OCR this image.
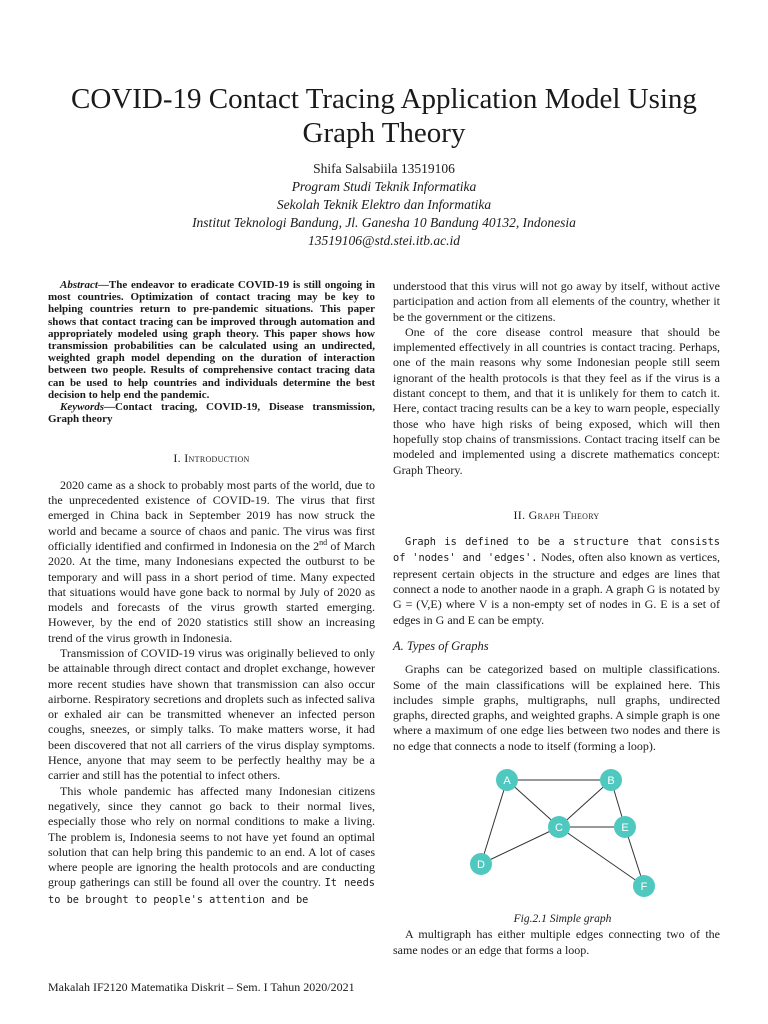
COVID-19 Contact Tracing Application Model Using Graph Theory
Shifa Salsabiila 13519106
Program Studi Teknik Informatika
Sekolah Teknik Elektro dan Informatika
Institut Teknologi Bandung, Jl. Ganesha 10 Bandung 40132, Indonesia
13519106@std.stei.itb.ac.id

Abstract—The endeavor to eradicate COVID-19 is still ongoing in most countries. Optimization of contact tracing may be key to helping countries return to pre-pandemic situations. This paper shows that contact tracing can be improved through automation and appropriately modeled using graph theory. This paper shows how transmission probabilities can be calculated using an undirected, weighted graph model depending on the duration of interaction between two people. Results of comprehensive contact tracing data can be used to help countries and individuals determine the best decision to help end the pandemic.

Keywords—Contact tracing, COVID-19, Disease transmission, Graph theory

I. Introduction

2020 came as a shock to probably most parts of the world, due to the unprecedented existence of COVID-19. The virus that first emerged in China back in September 2019 has now struck the world and became a source of chaos and panic. The virus was first officially identified and confirmed in Indonesia on the 2nd of March 2020. At the time, many Indonesians expected the outburst to be temporary and will pass in a short period of time. Many expected that situations would have gone back to normal by July of 2020 as models and forecasts of the virus growth started emerging. However, by the end of 2020 statistics still show an increasing trend of the virus growth in Indonesia.

Transmission of COVID-19 virus was originally believed to only be attainable through direct contact and droplet exchange, however more recent studies have shown that transmission can also occur airborne. Respiratory secretions and droplets such as infected saliva or exhaled air can be transmitted whenever an infected person coughs, sneezes, or simply talks. To make matters worse, it had been discovered that not all carriers of the virus display symptoms. Hence, anyone that may seem to be perfectly healthy may be a carrier and still has the potential to infect others.

This whole pandemic has affected many Indonesian citizens negatively, since they cannot go back to their normal lives, especially those who rely on normal conditions to make a living. The problem is, Indonesia seems to not have yet found an optimal solution that can help bring this pandemic to an end. A lot of cases where people are ignoring the health protocols and are conducting group gatherings can still be found all over the country. It needs to be brought to people's attention and be

understood that this virus will not go away by itself, without active participation and action from all elements of the country, whether it be the government or the citizens.

One of the core disease control measure that should be implemented effectively in all countries is contact tracing. Perhaps, one of the main reasons why some Indonesian people still seem ignorant of the health protocols is that they feel as if the virus is a distant concept to them, and that it is unlikely for them to catch it. Here, contact tracing results can be a key to warn people, especially those who have high risks of being exposed, which will then hopefully stop chains of transmissions. Contact tracing itself can be modeled and implemented using a discrete mathematics concept: Graph Theory.

II. Graph Theory

Graph is defined to be a structure that consists of 'nodes' and 'edges'. Nodes, often also known as vertices, represent certain objects in the structure and edges are lines that connect a node to another naode in a graph. A graph G is notated by G = (V,E) where V is a non-empty set of nodes in G. E is a set of edges in G and E can be empty.

A. Types of Graphs

Graphs can be categorized based on multiple classifications. Some of the main classifications will be explained here. This includes simple graphs, multigraphs, null graphs, undirected graphs, directed graphs, and weighted graphs. A simple graph is one where a maximum of one edge lies between two nodes and there is no edge that connects a node to itself (forming a loop).

A	B
C
D
E
F

Fig.2.1 Simple graph

A multigraph has either multiple edges connecting two of the same nodes or an edge that forms a loop.

Makalah IF2120 Matematika Diskrit – Sem. I Tahun 2020/2021
